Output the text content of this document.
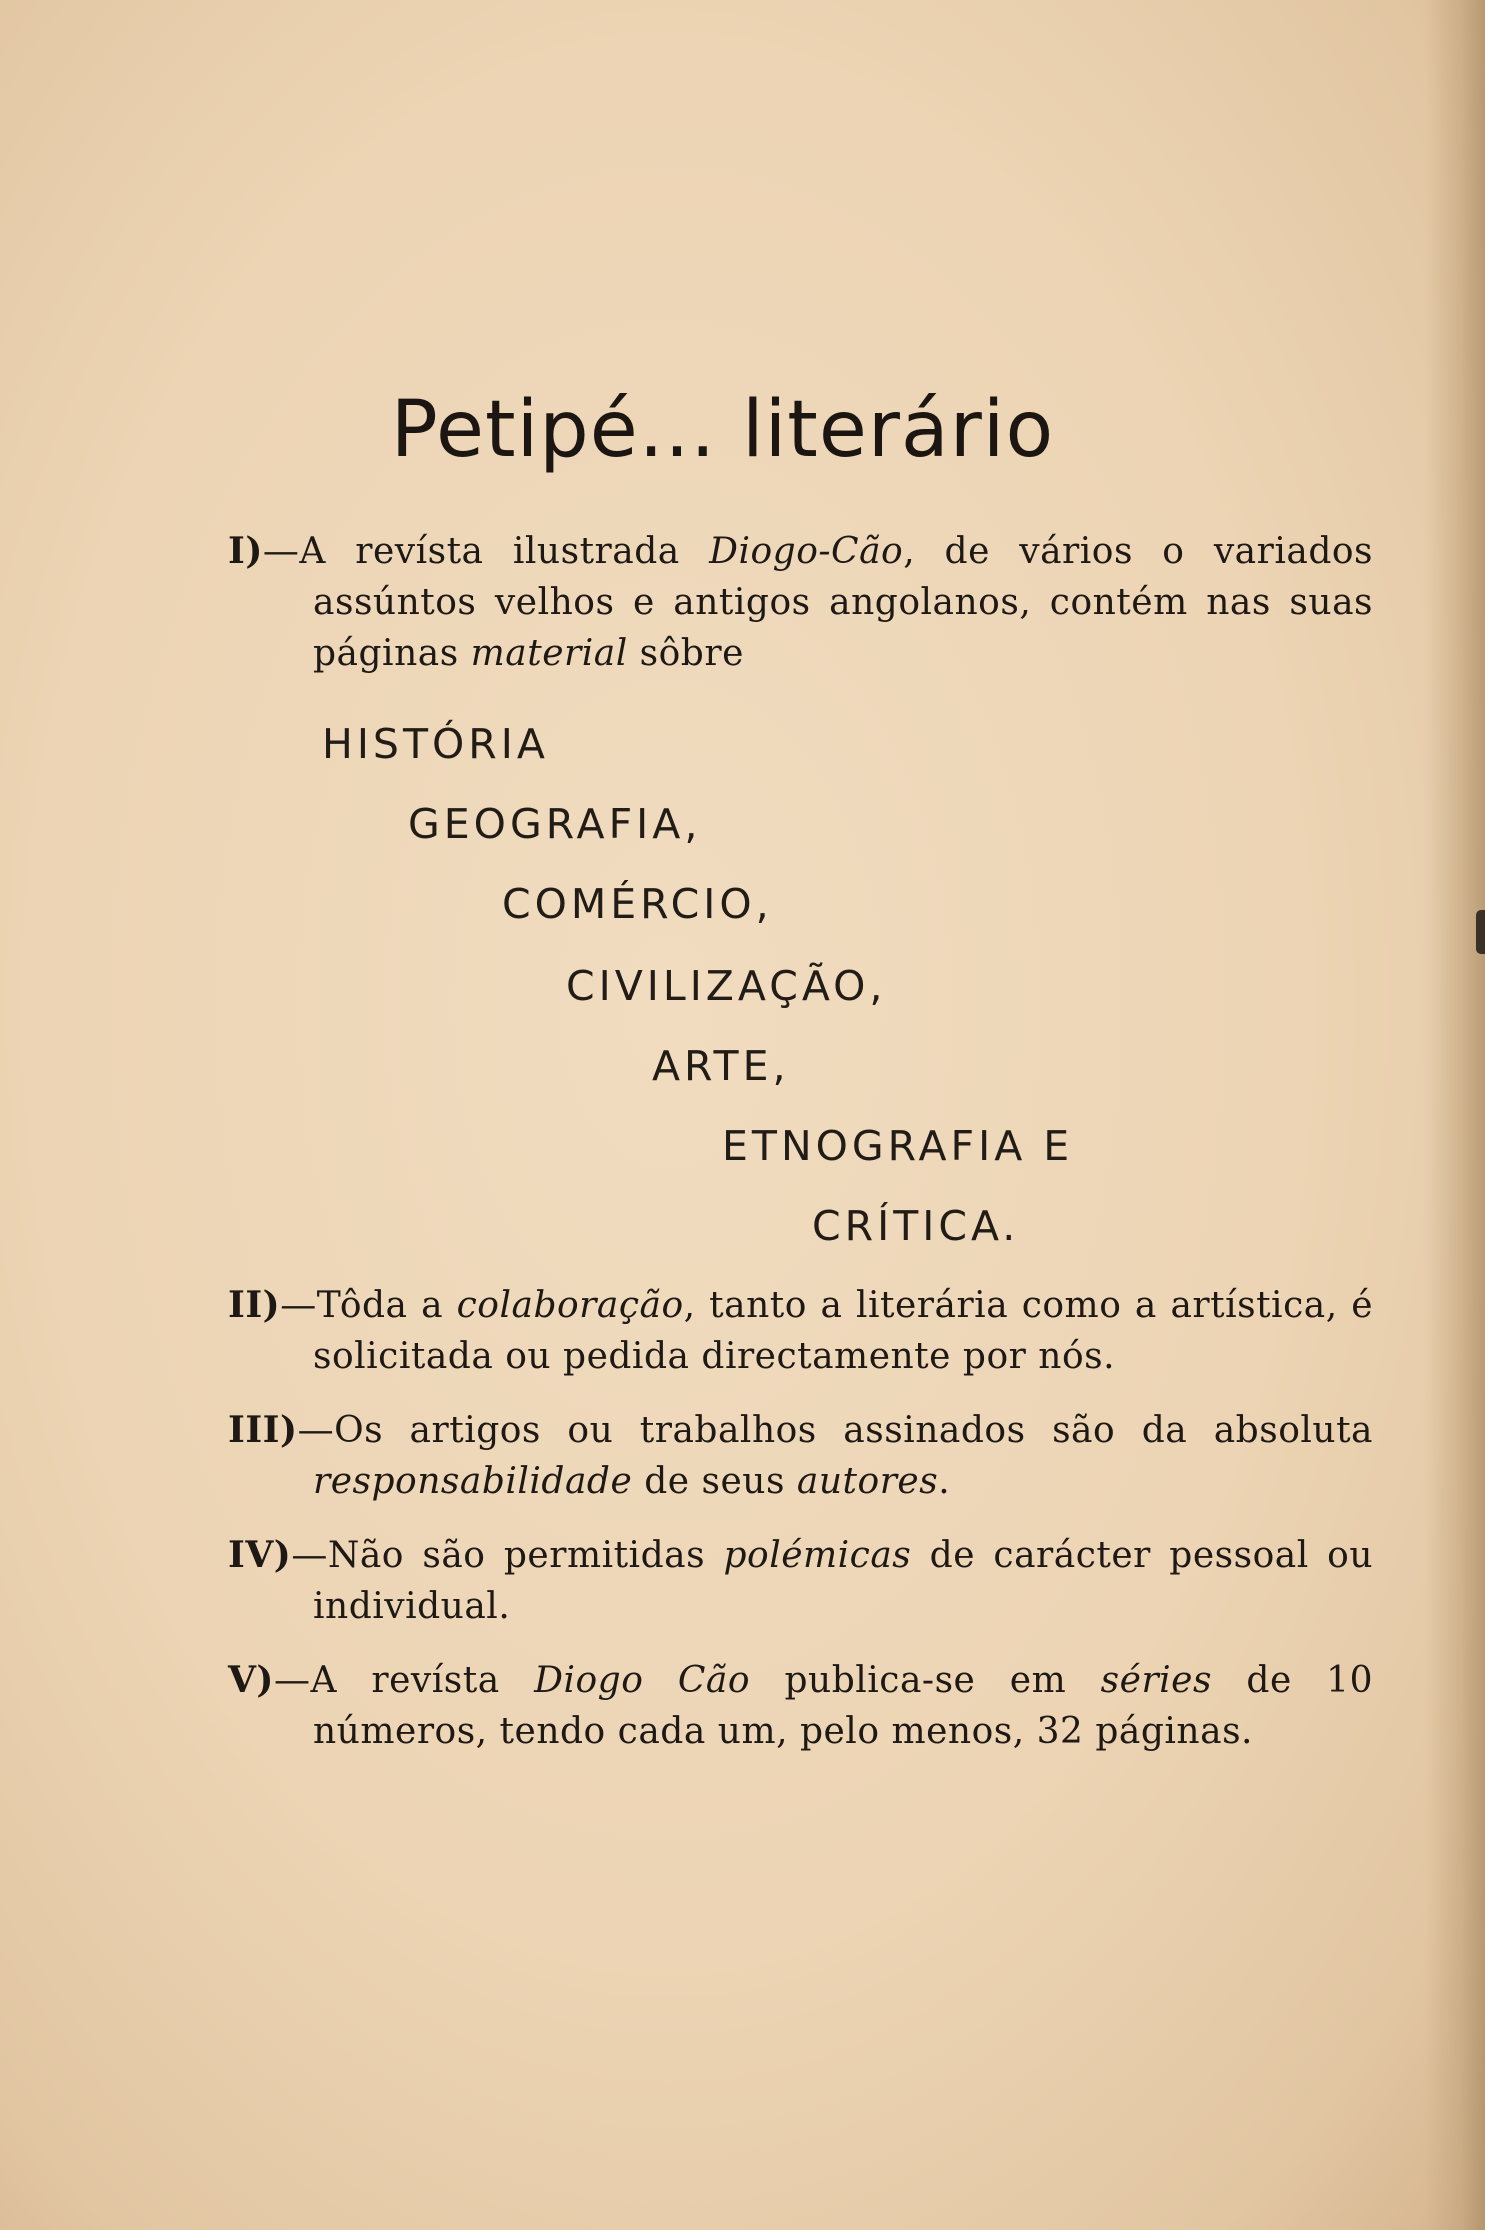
Petipé... literário

I)—A revísta ilustrada Diogo-Cão, de vários o variados assúntos velhos e antigos angolanos, contém nas suas páginas material sôbre

HISTÓRIA

GEOGRAFIA,

COMÉRCIO,

CIVILIZAÇÃO,

ARTE,

ETNOGRAFIA E

CRÍTICA.

II)—Tôda a colaboração, tanto a literária como a artística, é solicitada ou pedida directamente por nós.

III)—Os artigos ou trabalhos assinados são da absoluta responsabilidade de seus autores.

IV)—Não são permitidas polémicas de carácter pessoal ou individual.

V)—A revísta Diogo Cão publica-se em séries de 10 números, tendo cada um, pelo menos, 32 páginas.
